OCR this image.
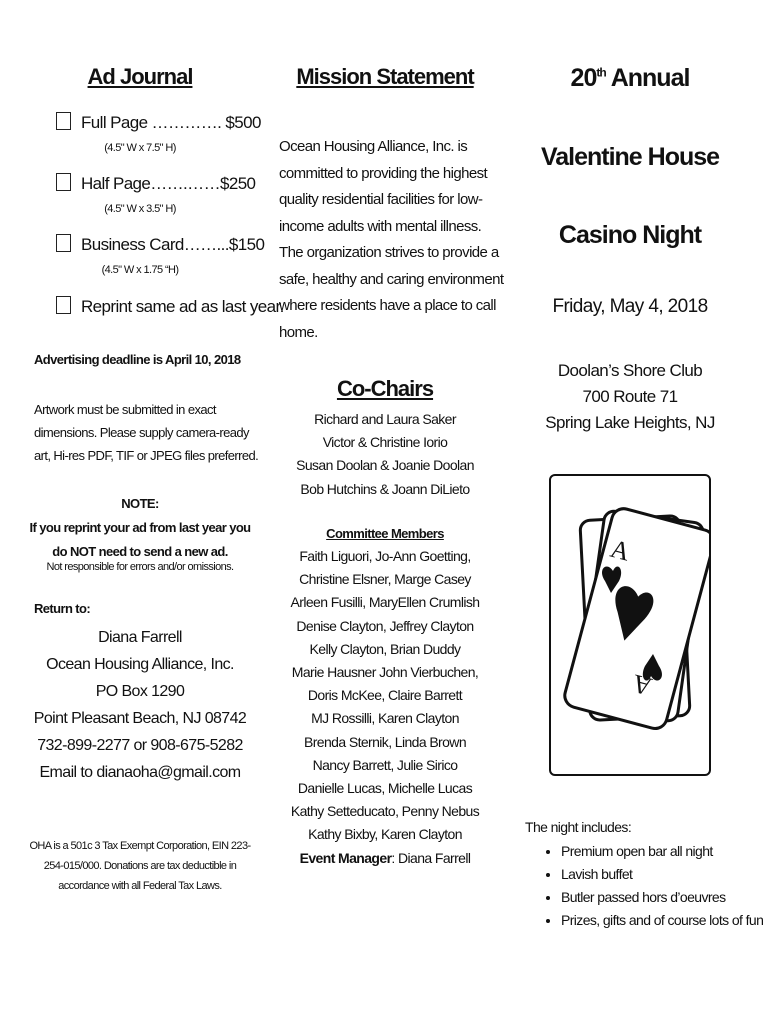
Ad Journal
Full Page …………. $500
(4.5" W x 7.5" H)
Half Page…….……$250
(4.5" W x 3.5" H)
Business Card……...$150
(4.5" W x 1.75 “H)
Reprint same ad as last year.
Advertising deadline is April 10, 2018
Artwork must be submitted in exact
dimensions. Please supply camera-ready
art, Hi-res PDF, TIF or JPEG files preferred.
NOTE:
If you reprint your ad from last year you
do NOT need to send a new ad.
Not responsible for errors and/or omissions.
Return to:
Diana Farrell
Ocean Housing Alliance, Inc.
PO Box 1290
Point Pleasant Beach, NJ 08742
732-899-2277 or 908-675-5282
Email to dianaoha@gmail.com
OHA is a 501c 3 Tax Exempt Corporation, EIN 223-
254-015/000. Donations are tax deductible in
accordance with all Federal Tax Laws.
Mission Statement
Ocean Housing Alliance, Inc. is
committed to providing the highest
quality residential facilities for low-
income adults with mental illness.
The organization strives to provide a
safe, healthy and caring environment
where residents have a place to call
home.
Co-Chairs
Richard and Laura Saker
Victor & Christine Iorio
Susan Doolan & Joanie Doolan
Bob Hutchins & Joann DiLieto
Committee Members
Faith Liguori, Jo-Ann Goetting,
Christine Elsner, Marge Casey
Arleen Fusilli, MaryEllen Crumlish
Denise Clayton, Jeffrey Clayton
Kelly Clayton, Brian Duddy
Marie Hausner John Vierbuchen,
Doris McKee, Claire Barrett
MJ Rossilli, Karen Clayton
Brenda Sternik, Linda Brown
Nancy Barrett, Julie Sirico
Danielle Lucas, Michelle Lucas
Kathy Setteducato, Penny Nebus
Kathy Bixby, Karen Clayton
Event Manager: Diana Farrell
20th Annual
Valentine House
Casino Night
Friday, May 4, 2018
Doolan’s Shore Club
700 Route 71
Spring Lake Heights, NJ
A
A
The night includes:
• Premium open bar all night
• Lavish buffet
• Butler passed hors d’oeuvres
• Prizes, gifts and of course lots of fun
